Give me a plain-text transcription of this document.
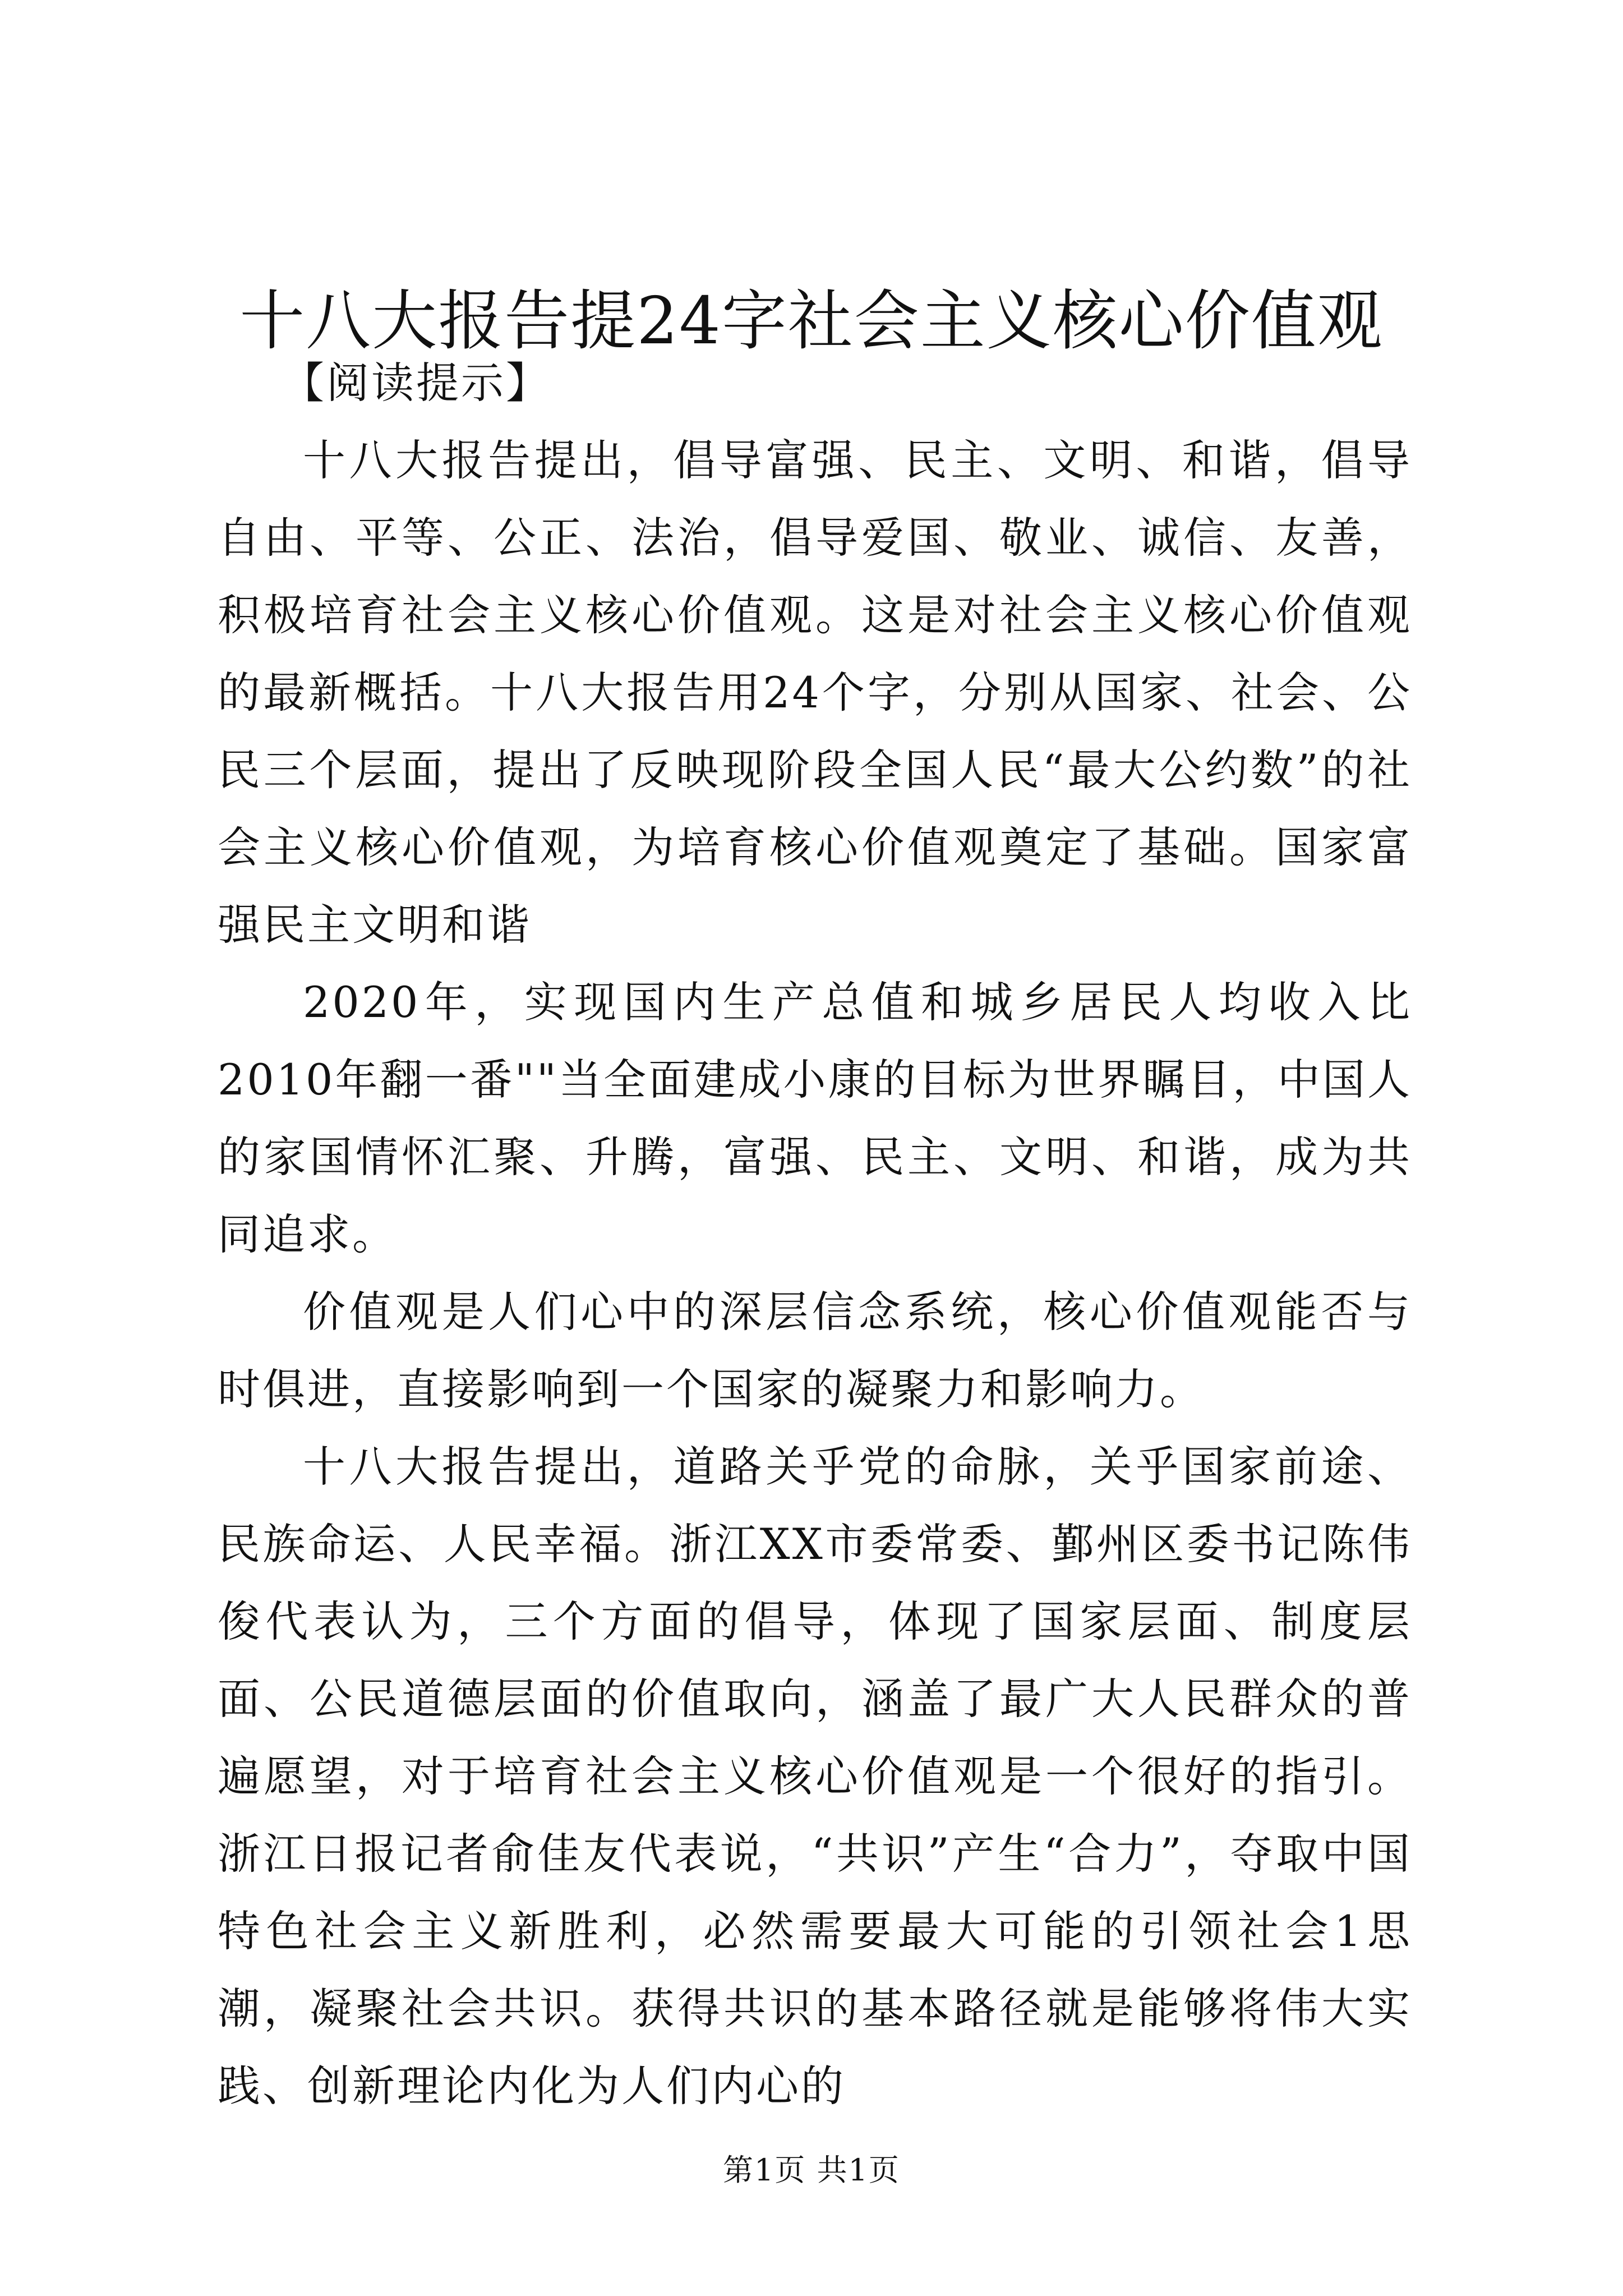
十八大报告提24字社会主义核心价值观

【阅读提示】

十八大报告提出，倡导富强、民主、文明、和谐，倡导自由、平等、公正、法治，倡导爱国、敬业、诚信、友善，积极培育社会主义核心价值观。这是对社会主义核心价值观的最新概括。十八大报告用24个字，分别从国家、社会、公民三个层面，提出了反映现阶段全国人民“最大公约数”的社会主义核心价值观，为培育核心价值观奠定了基础。国家富强民主文明和谐

2020年，实现国内生产总值和城乡居民人均收入比2010年翻一番""当全面建成小康的目标为世界瞩目，中国人的家国情怀汇聚、升腾，富强、民主、文明、和谐，成为共同追求。

价值观是人们心中的深层信念系统，核心价值观能否与时俱进，直接影响到一个国家的凝聚力和影响力。

十八大报告提出，道路关乎党的命脉，关乎国家前途、民族命运、人民幸福。浙江XX市委常委、鄞州区委书记陈伟俊代表认为，三个方面的倡导，体现了国家层面、制度层面、公民道德层面的价值取向，涵盖了最广大人民群众的普遍愿望，对于培育社会主义核心价值观是一个很好的指引。浙江日报记者俞佳友代表说，“共识”产生“合力”，夺取中国特色社会主义新胜利，必然需要最大可能的引领社会1思潮，凝聚社会共识。获得共识的基本路径就是能够将伟大实践、创新理论内化为人们内心的

第1页 共1页
